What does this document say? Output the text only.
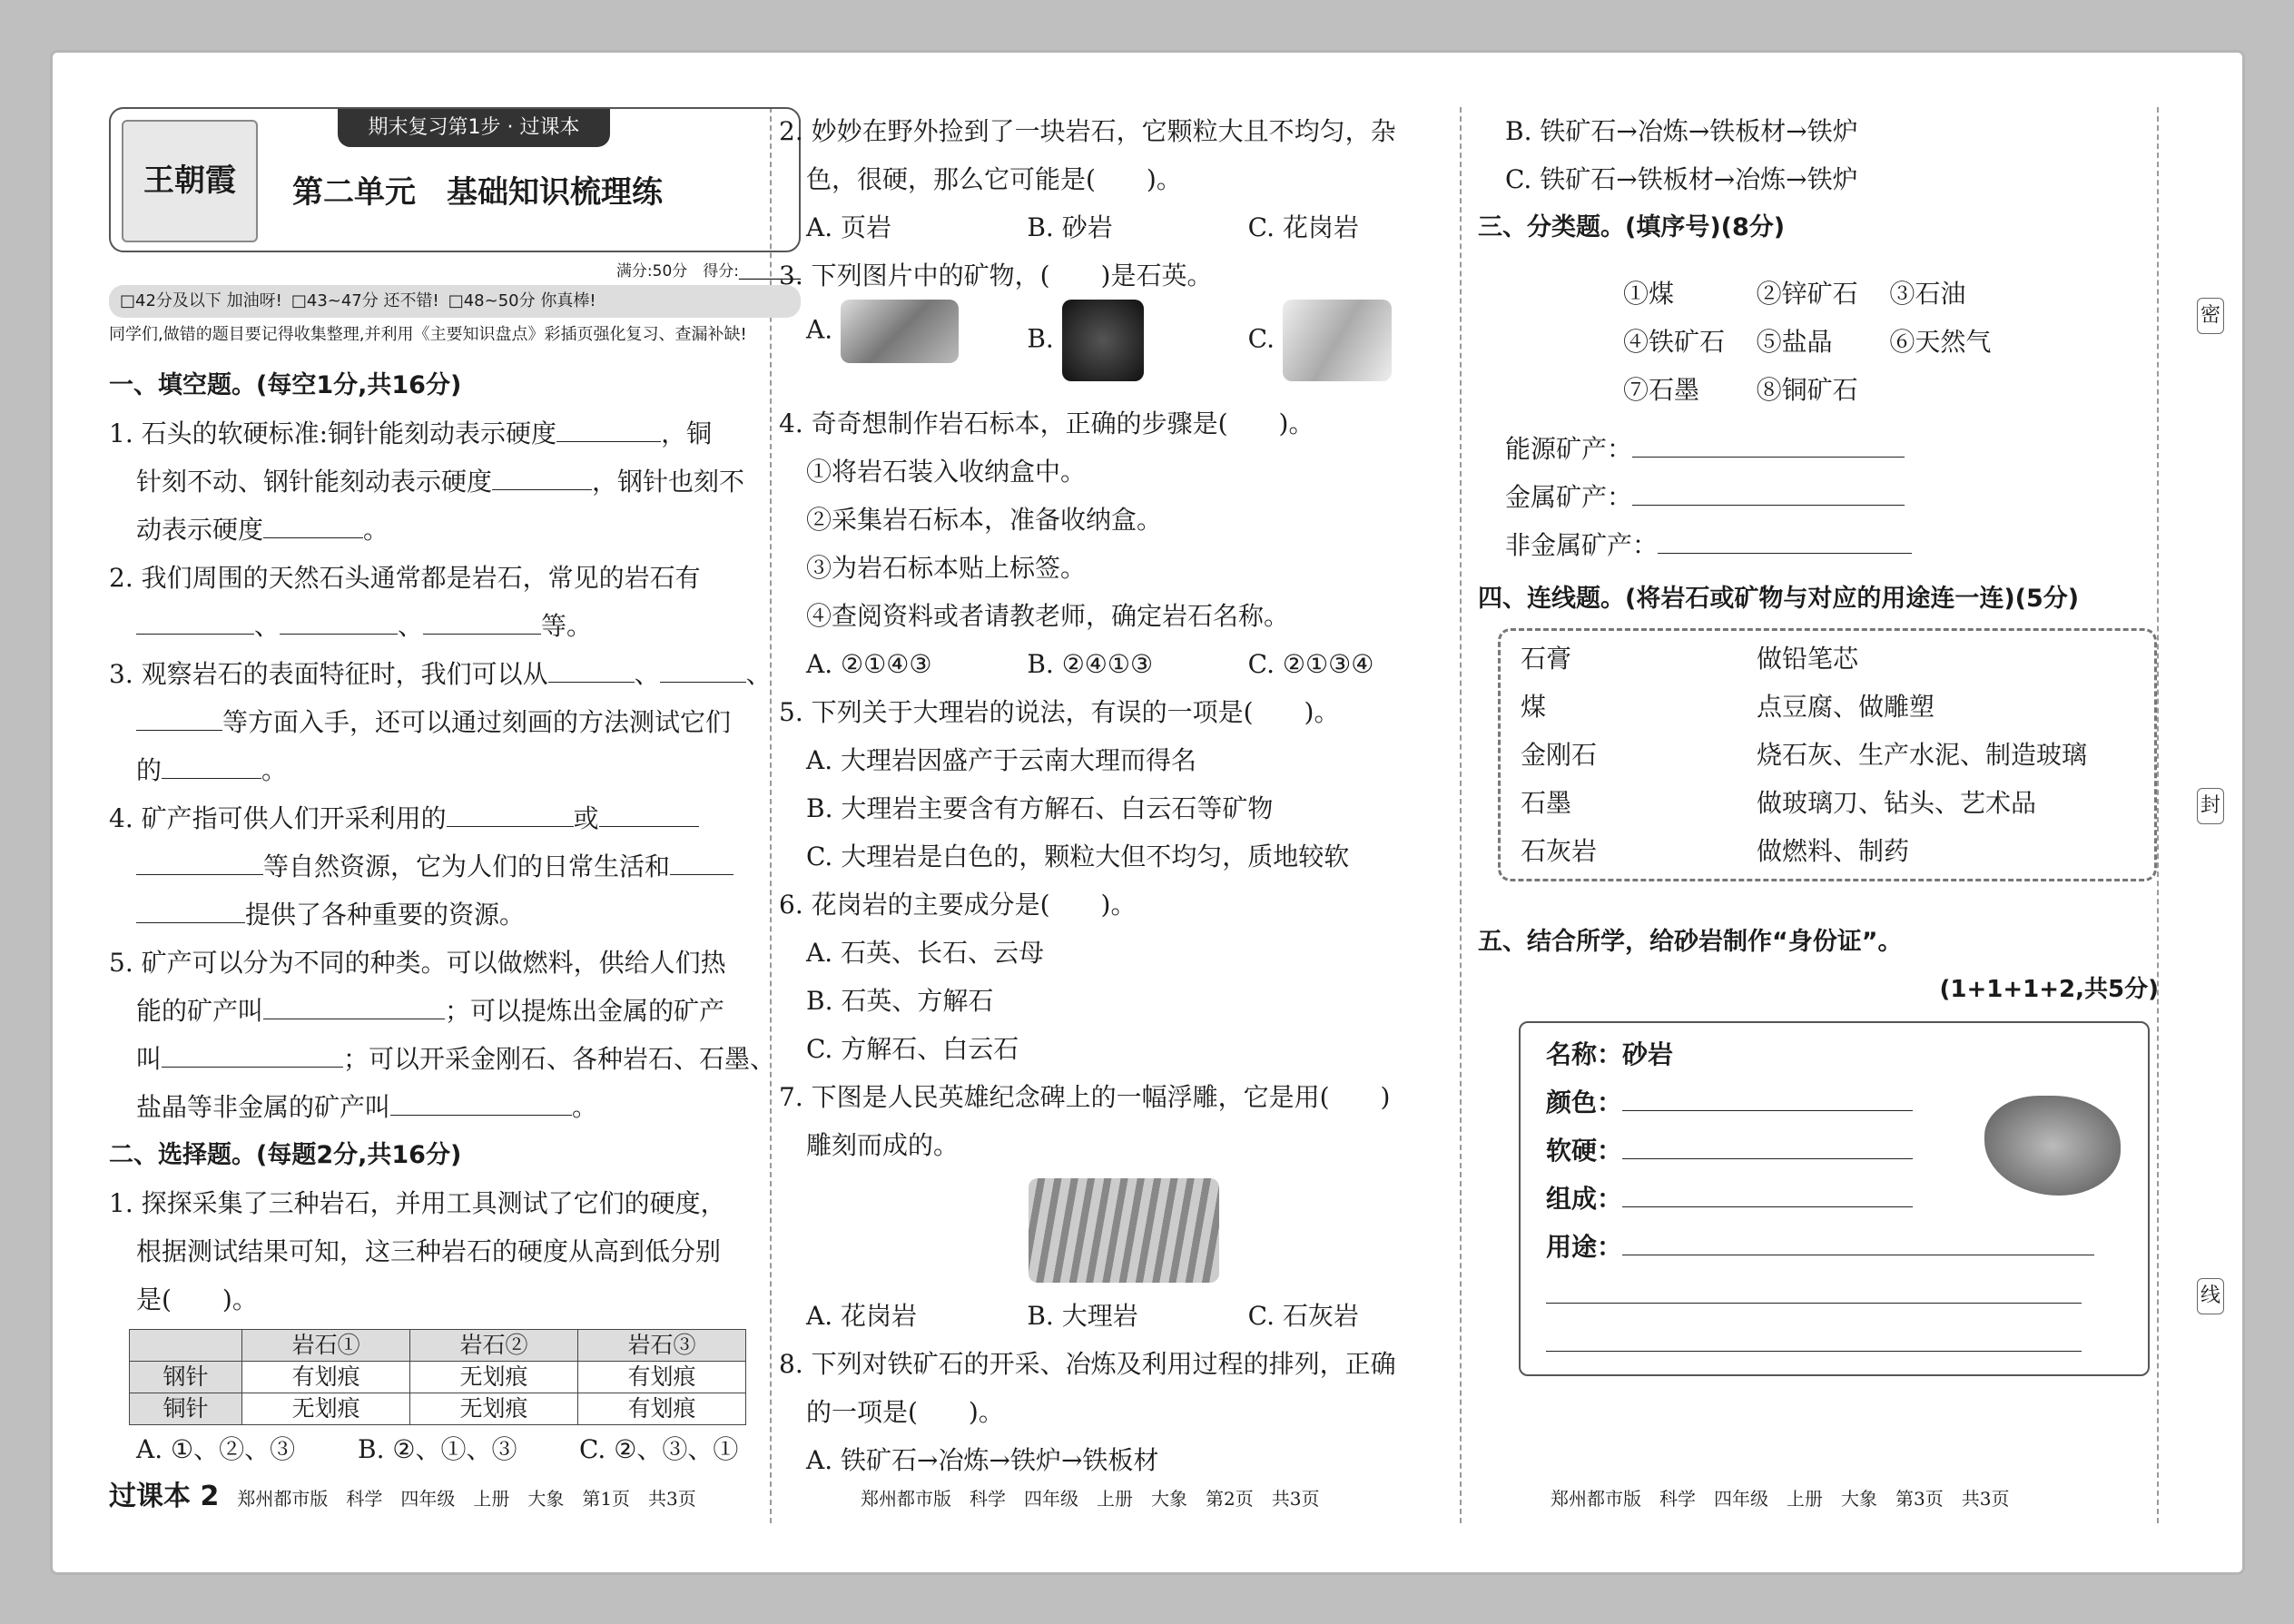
密
封
线
王朝霞
期末复习第1步 · 过课本
第二单元　基础知识梳理练
满分:50分　得分:________
□42分及以下 加油呀! □43~47分 还不错! □48~50分 你真棒!
同学们,做错的题目要记得收集整理,并利用《主要知识盘点》彩插页强化复习、查漏补缺!
一、填空题。(每空1分,共16分)
1. 石头的软硬标准:铜针能刻动表示硬度	，铜
针刻不动、钢针能刻动表示硬度	，钢针也刻不
动表示硬度	。
2. 我们周围的天然石头通常都是岩石，常见的岩石有
、	、	等。
3. 观察岩石的表面特征时，我们可以从	、	、
等方面入手，还可以通过刻画的方法测试它们
的	。
4. 矿产指可供人们开采利用的	或
等自然资源，它为人们的日常生活和
提供了各种重要的资源。
5. 矿产可以分为不同的种类。可以做燃料，供给人们热
能的矿产叫	；可以提炼出金属的矿产
叫	；可以开采金刚石、各种岩石、石墨、
盐晶等非金属的矿产叫	。
二、选择题。(每题2分,共16分)
1. 探探采集了三种岩石，并用工具测试了它们的硬度，
根据测试结果可知，这三种岩石的硬度从高到低分别
是(　　)。
	岩石①	岩石②	岩石③
钢针	有划痕	无划痕	有划痕
铜针	无划痕	无划痕	有划痕
A. ①、②、③	B. ②、①、③	C. ②、③、①
过课本 2　 郑州都市版　科学　四年级　上册　大象　第1页　共3页
2. 妙妙在野外捡到了一块岩石，它颗粒大且不均匀，杂
色，很硬，那么它可能是(　　)。
A. 页岩	B. 砂岩	C. 花岗岩
3. 下列图片中的矿物，(　　)是石英。
A.	B.	C.
4. 奇奇想制作岩石标本，正确的步骤是(　　)。
①将岩石装入收纳盒中。
②采集岩石标本，准备收纳盒。
③为岩石标本贴上标签。
④查阅资料或者请教老师，确定岩石名称。
A. ②①④③	B. ②④①③	C. ②①③④
5. 下列关于大理岩的说法，有误的一项是(　　)。
A. 大理岩因盛产于云南大理而得名
B. 大理岩主要含有方解石、白云石等矿物
C. 大理岩是白色的，颗粒大但不均匀，质地较软
6. 花岗岩的主要成分是(　　)。
A. 石英、长石、云母
B. 石英、方解石
C. 方解石、白云石
7. 下图是人民英雄纪念碑上的一幅浮雕，它是用(　　)
雕刻而成的。
A. 花岗岩	B. 大理岩	C. 石灰岩
8. 下列对铁矿石的开采、冶炼及利用过程的排列，正确
的一项是(　　)。
A. 铁矿石→冶炼→铁炉→铁板材
郑州都市版　科学　四年级　上册　大象　第2页　共3页
B. 铁矿石→冶炼→铁板材→铁炉
C. 铁矿石→铁板材→冶炼→铁炉
三、分类题。(填序号)(8分)
①煤	②锌矿石	③石油
④铁矿石	⑤盐晶	⑥天然气
⑦石墨	⑧铜矿石
能源矿产：
金属矿产：
非金属矿产：
四、连线题。(将岩石或矿物与对应的用途连一连)(5分)
石膏	做铅笔芯
煤	点豆腐、做雕塑
金刚石	烧石灰、生产水泥、制造玻璃
石墨	做玻璃刀、钻头、艺术品
石灰岩	做燃料、制药
五、结合所学，给砂岩制作“身份证”。
(1+1+1+2,共5分)
名称：砂岩
颜色：
软硬：
组成：
用途：
郑州都市版　科学　四年级　上册　大象　第3页　共3页
